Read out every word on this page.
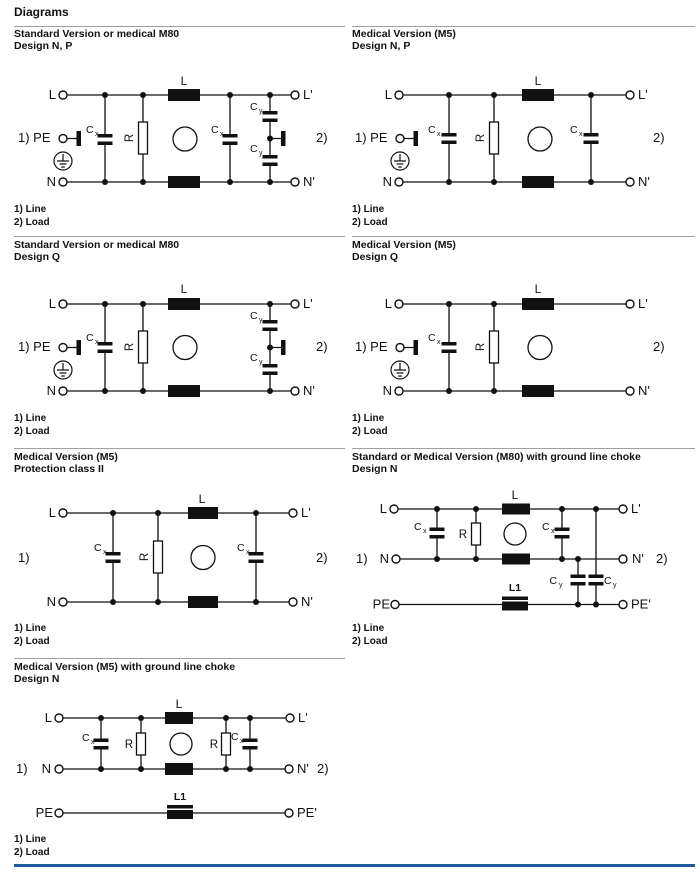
Diagrams
Standard Version or medical M80
Design N, P
Medical Version (M5)
Design N, P
1) Line
2) Load
1) Line
2) Load
Standard Version or medical M80
Design Q
Medical Version (M5)
Design Q
1) Line
2) Load
1) Line
2) Load
Medical Version (M5)
Protection class II
Standard or Medical Version (M80) with ground line choke
Design N
1) Line
2) Load
1) Line
2) Load
Medical Version (M5) with ground line choke
Design N
1) Line
2) Load
L	L'
N	N'
1) PE	2)
L
R
C x	C x
C y
C y
L	L'
N	N'
1) PE	2)
L
R
C x	C x
L	L'
N	N'
1) PE	2)
L
R
C x
C y
C y
L	L'
N	N'
1) PE	2)
L
R
C x
L	L'
N	N'
1)	2)
L
R
C x	C x
L	L'
1) N	N' 2)
PE	PE'
L
L1
R
C x	C x
C y	C y
L	L'
1) N	N' 2)
PE	PE'
L
L1
R	R
C x
C x
